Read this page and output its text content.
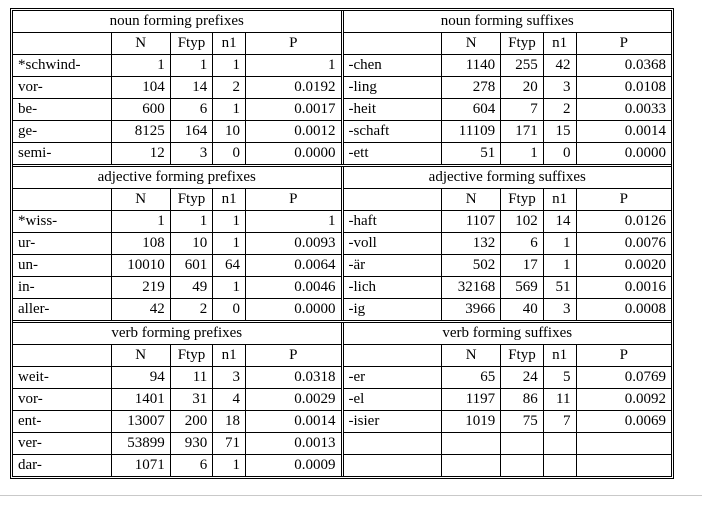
noun forming prefixes				
	N	Ftyp	n1	P
*schwind-	1	1	1	1
vor-	104	14	2	0.0192
be-	600	6	1	0.0017
ge-	8125	164	10	0.0012
semi-	12	3	0	0.0000
noun forming suffixes				
	N	Ftyp	n1	P
-chen	1140	255	42	0.0368
-ling	278	20	3	0.0108
-heit	604	7	2	0.0033
-schaft	11109	171	15	0.0014
-ett	51	1	0	0.0000
adjective forming prefixes				
	N	Ftyp	n1	P
*wiss-	1	1	1	1
ur-	108	10	1	0.0093
un-	10010	601	64	0.0064
in-	219	49	1	0.0046
aller-	42	2	0	0.0000
adjective forming suffixes				
	N	Ftyp	n1	P
-haft	1107	102	14	0.0126
-voll	132	6	1	0.0076
-är	502	17	1	0.0020
-lich	32168	569	51	0.0016
-ig	3966	40	3	0.0008
verb forming prefixes				
	N	Ftyp	n1	P
weit-	94	11	3	0.0318
vor-	1401	31	4	0.0029
ent-	13007	200	18	0.0014
ver-	53899	930	71	0.0013
dar-	1071	6	1	0.0009
verb forming suffixes				
	N	Ftyp	n1	P
-er	65	24	5	0.0769
-el	1197	86	11	0.0092
-isier	1019	75	7	0.0069
